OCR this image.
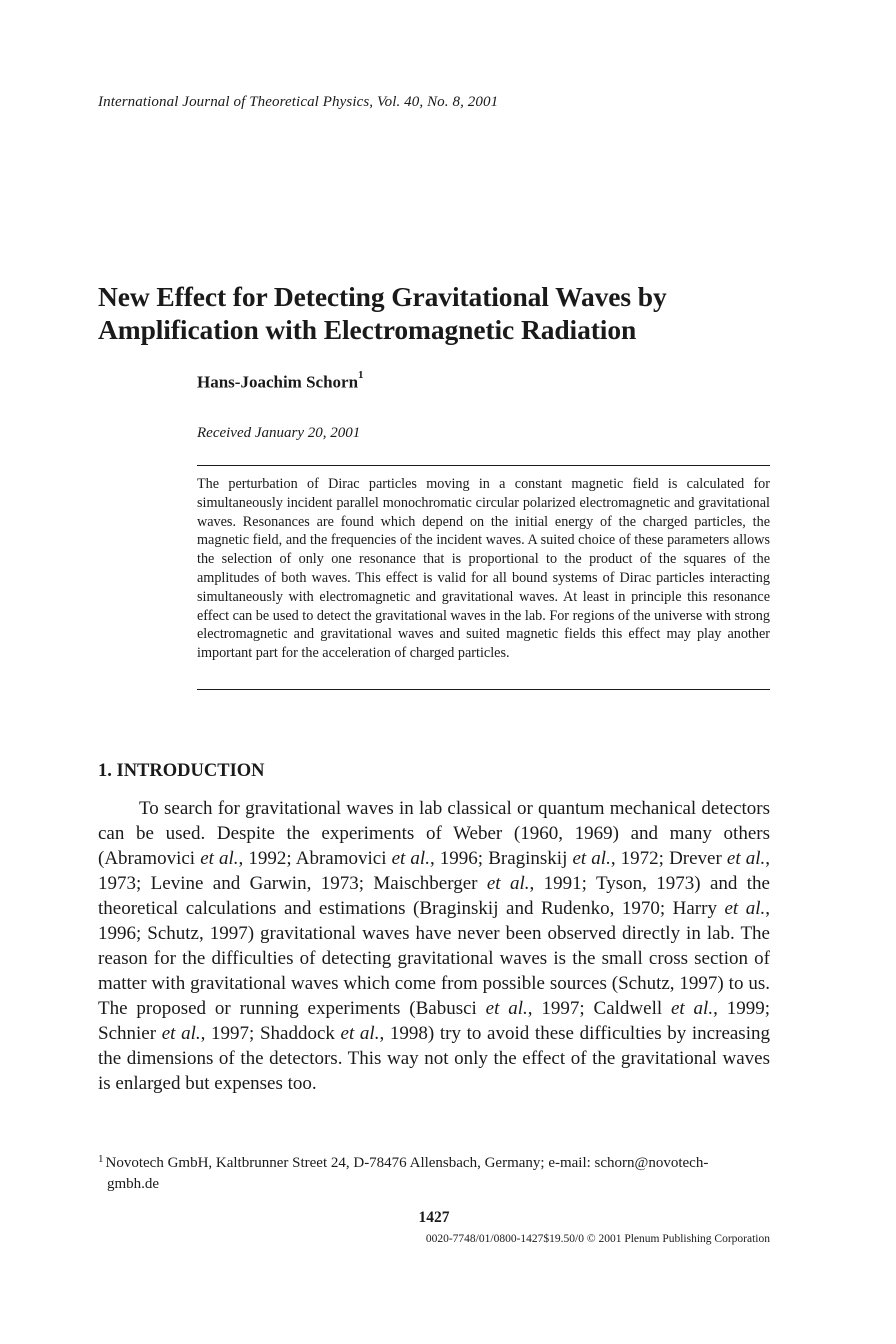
International Journal of Theoretical Physics, Vol. 40, No. 8, 2001
New Effect for Detecting Gravitational Waves by
Amplification with Electromagnetic Radiation
Hans-Joachim Schorn$^1$
Received January 20, 2001

The perturbation of Dirac particles moving in a constant magnetic field is calculated for simultaneously incident parallel monochromatic circular polarized electromagnetic and gravitational waves. Resonances are found which depend on the initial energy of the charged particles, the magnetic field, and the frequencies of the incident waves. A suited choice of these parameters allows the selection of only one resonance that is proportional to the product of the squares of the amplitudes of both waves. This effect is valid for all bound systems of Dirac particles interacting simultaneously with electromagnetic and gravitational waves. At least in principle this resonance effect can be used to detect the gravitational waves in the lab. For regions of the universe with strong electromagnetic and gravitational waves and suited magnetic fields this effect may play another important part for the acceleration of charged particles.

1. INTRODUCTION

To search for gravitational waves in lab classical or quantum mechanical detectors can be used. Despite the experiments of Weber (1960, 1969) and many others (Abramovici et al., 1992; Abramovici et al., 1996; Braginskij et al., 1972; Drever et al., 1973; Levine and Garwin, 1973; Maischberger et al., 1991; Tyson, 1973) and the theoretical calculations and estimations (Braginskij and Rudenko, 1970; Harry et al., 1996; Schutz, 1997) gravitational waves have never been observed directly in lab. The reason for the difficulties of detecting gravitational waves is the small cross section of matter with gravitational waves which come from possible sources (Schutz, 1997) to us. The proposed or running experiments (Babusci et al., 1997; Caldwell et al., 1999; Schnier et al., 1997; Shaddock et al., 1998) try to avoid these difficulties by increasing the dimensions of the detectors. This way not only the effect of the gravitational waves is enlarged but expenses too.

$^1$ Novotech GmbH, Kaltbrunner Street 24, D-78476 Allensbach, Germany; e-mail: schorn@novotech-
gmbh.de
1427
0020-7748/01/0800-1427$19.50/0 © 2001 Plenum Publishing Corporation
